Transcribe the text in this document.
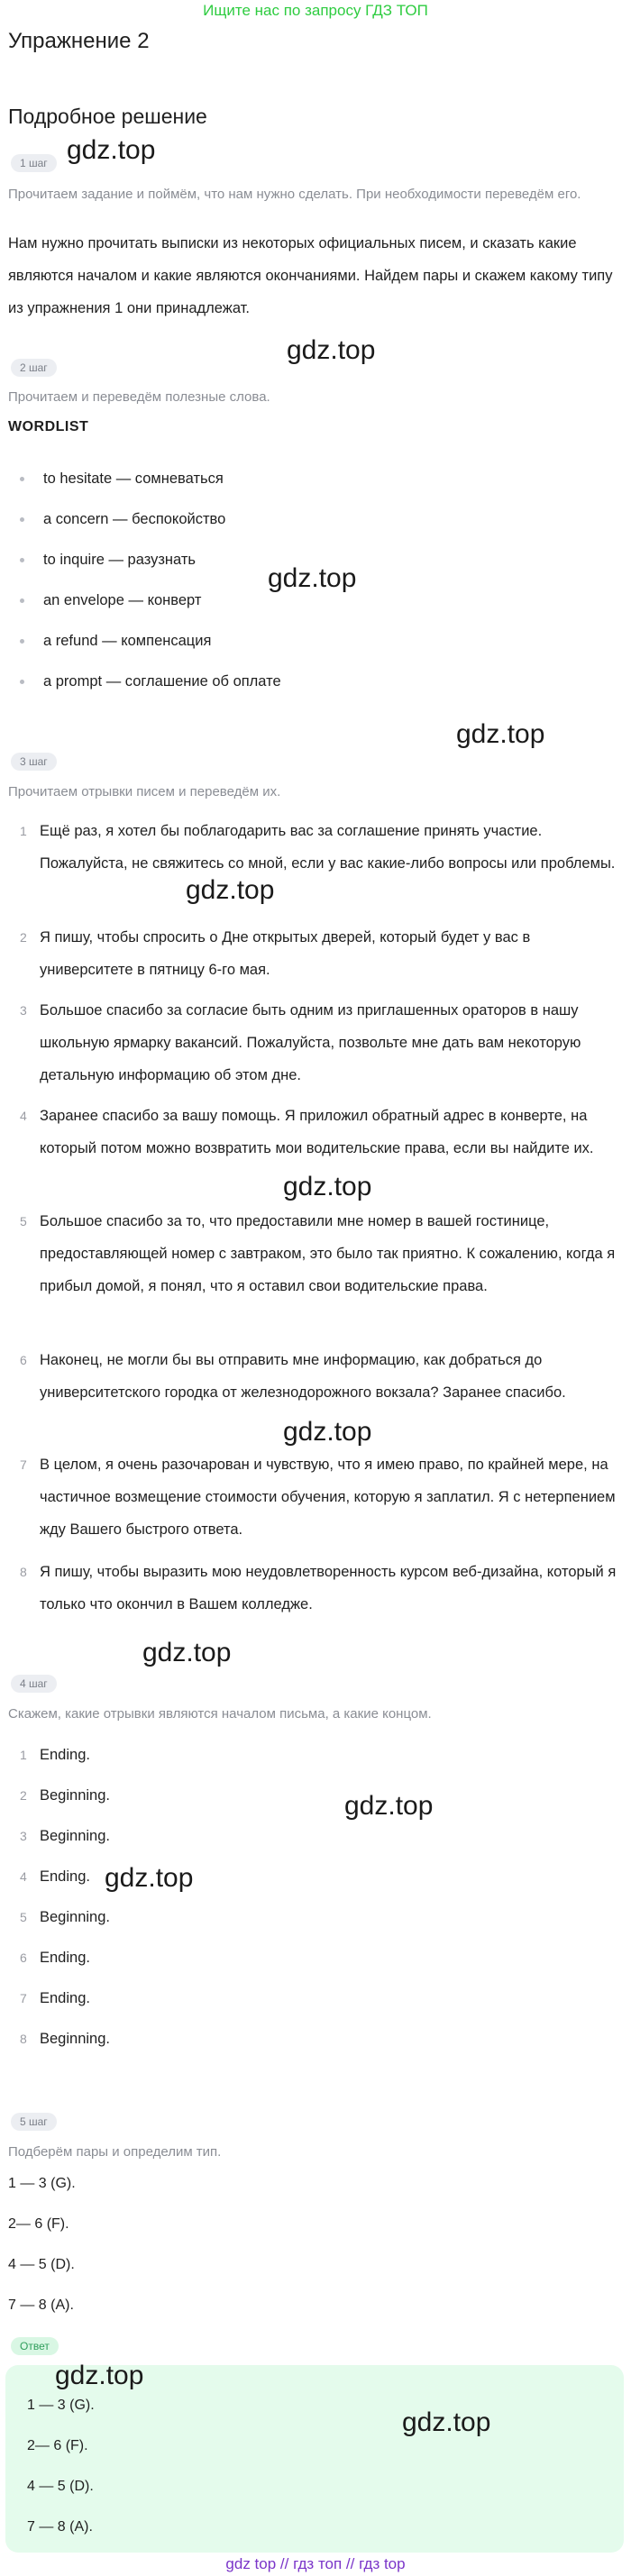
Ищите нас по запросу ГДЗ ТОП
Упражнение 2
Подробное решение
1 шаг
Прочитаем задание и поймём, что нам нужно сделать. При необходимости переведём его.
Нам нужно прочитать выписки из некоторых официальных писем, и сказать какие являются началом и какие являются окончаниями. Найдем пары и скажем какому типу из упражнения 1 они принадлежат.
2 шаг
Прочитаем и переведём полезные слова.
WORDLIST
to hesitate — сомневаться
a concern — беспокойство
to inquire — разузнать
an envelope — конверт
a refund — компенсация
a prompt — соглашение об оплате
3 шаг
Прочитаем отрывки писем и переведём их.
1 Ещё раз, я хотел бы поблагодарить вас за соглашение принять участие. Пожалуйста, не свяжитесь со мной, если у вас какие-либо вопросы или проблемы.
2 Я пишу, чтобы спросить о Дне открытых дверей, который будет у вас в университете в пятницу 6-го мая.
3 Большое спасибо за согласие быть одним из приглашенных ораторов в нашу школьную ярмарку вакансий. Пожалуйста, позвольте мне дать вам некоторую детальную информацию об этом дне.
4 Заранее спасибо за вашу помощь. Я приложил обратный адрес в конверте, на который потом можно возвратить мои водительские права, если вы найдите их.
5 Большое спасибо за то, что предоставили мне номер в вашей гостинице, предоставляющей номер с завтраком, это было так приятно. К сожалению, когда я прибыл домой, я понял, что я оставил свои водительские права.
6 Наконец, не могли бы вы отправить мне информацию, как добраться до университетского городка от железнодорожного вокзала? Заранее спасибо.
7 В целом, я очень разочарован и чувствую, что я имею право, по крайней мере, на частичное возмещение стоимости обучения, которую я заплатил. Я с нетерпением жду Вашего быстрого ответа.
8 Я пишу, чтобы выразить мою неудовлетворенность курсом веб-дизайна, который я только что окончил в Вашем колледже.
4 шаг
Скажем, какие отрывки являются началом письма, а какие концом.
1 Ending.
2 Beginning.
3 Beginning.
4 Ending.
5 Beginning.
6 Ending.
7 Ending.
8 Beginning.
5 шаг
Подберём пары и определим тип.
1 — 3 (G).
2— 6 (F).
4 — 5 (D).
7 — 8 (A).
Ответ
1 — 3 (G).
2— 6 (F).
4 — 5 (D).
7 — 8 (A).
gdz.top
gdz.top
gdz.top
gdz.top
gdz.top
gdz.top
gdz.top
gdz.top
gdz.top
gdz.top
gdz.top
gdz.top
gdz top // гдз топ // гдз top
